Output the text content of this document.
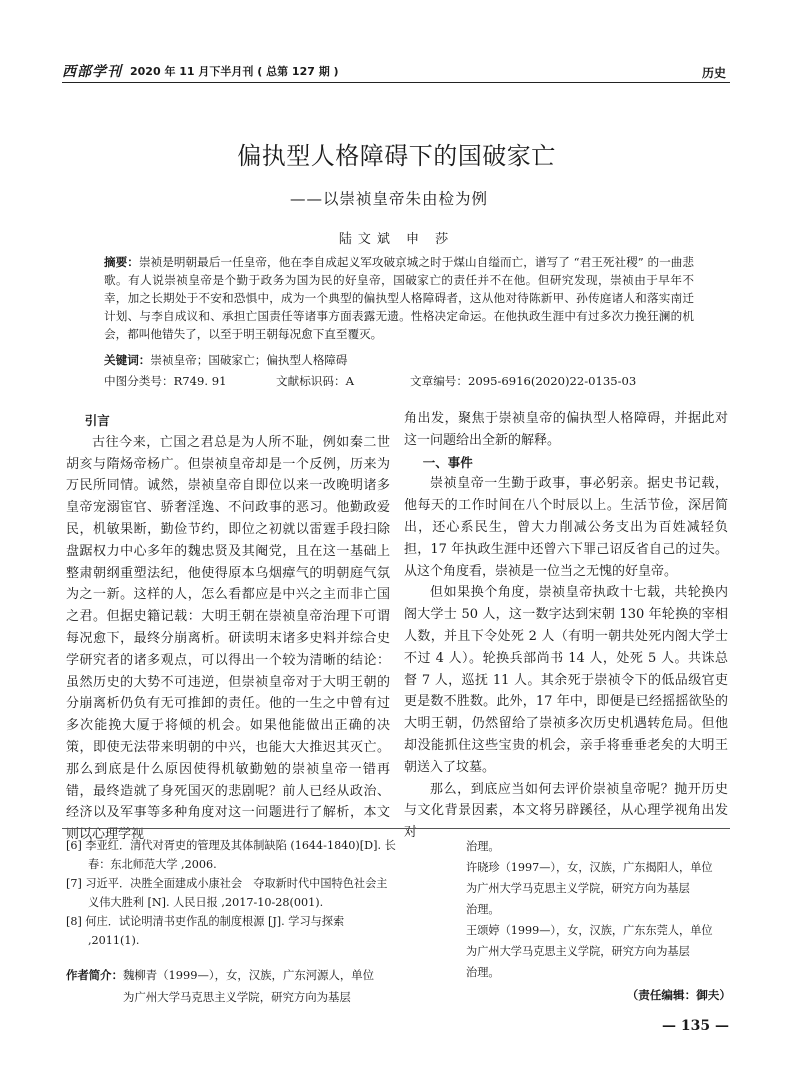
西部学刊 2020 年 11 月下半月刊 ( 总第 127 期 )	历史
偏执型人格障碍下的国破家亡
——以崇祯皇帝朱由检为例
陆文斌 申 莎
摘要：崇祯是明朝最后一任皇帝，他在李自成起义军攻破京城之时于煤山自缢而亡，谱写了 “君王死社稷” 的一曲悲歌。有人说崇祯皇帝是个勤于政务为国为民的好皇帝，国破家亡的责任并不在他。但研究发现，崇祯由于早年不幸，加之长期处于不安和恐惧中，成为一个典型的偏执型人格障碍者，这从他对待陈新甲、孙传庭诸人和落实南迁计划、与李自成议和、承担亡国责任等诸事方面表露无遗。性格决定命运。在他执政生涯中有过多次力挽狂澜的机会，都叫他错失了，以至于明王朝每况愈下直至覆灭。
关键词：崇祯皇帝；国破家亡；偏执型人格障碍
中图分类号：R749. 91	文献标识码：A	文章编号：2095-6916(2020)22-0135-03
引言

古往今来，亡国之君总是为人所不耻，例如秦二世胡亥与隋炀帝杨广。但崇祯皇帝却是一个反例，历来为万民所同情。诚然，崇祯皇帝自即位以来一改晚明诸多皇帝宠溺宦官、骄奢淫逸、不问政事的恶习。他勤政爱民，机敏果断，勤俭节约，即位之初就以雷霆手段扫除盘踞权力中心多年的魏忠贤及其阉党，且在这一基础上整肃朝纲重塑法纪，他使得原本乌烟瘴气的明朝庭气氛为之一新。这样的人，怎么看都应是中兴之主而非亡国之君。但据史籍记载：大明王朝在崇祯皇帝治理下可谓每况愈下，最终分崩离析。研读明末诸多史料并综合史学研究者的诸多观点，可以得出一个较为清晰的结论：虽然历史的大势不可违逆，但崇祯皇帝对于大明王朝的分崩离析仍负有无可推卸的责任。他的一生之中曾有过多次能挽大厦于将倾的机会。如果他能做出正确的决策，即使无法带来明朝的中兴，也能大大推迟其灭亡。那么到底是什么原因使得机敏勤勉的崇祯皇帝一错再错，最终造就了身死国灭的悲剧呢？前人已经从政治、经济以及军事等多种角度对这一问题进行了解析，本文则以心理学视

角出发，聚焦于崇祯皇帝的偏执型人格障碍，并据此对这一问题给出全新的解释。

一、事件

崇祯皇帝一生勤于政事，事必躬亲。据史书记载，他每天的工作时间在八个时辰以上。生活节俭，深居简出，还心系民生，曾大力削减公务支出为百姓减轻负担，17 年执政生涯中还曾六下罪己诏反省自己的过失。从这个角度看，崇祯是一位当之无愧的好皇帝。

但如果换个角度，崇祯皇帝执政十七载，共轮换内阁大学士 50 人，这一数字达到宋朝 130 年轮换的宰相人数，并且下令处死 2 人（有明一朝共处死内阁大学士不过 4 人）。轮换兵部尚书 14 人，处死 5 人。共诛总督 7 人，巡抚 11 人。其余死于崇祯令下的低品级官吏更是数不胜数。此外，17 年中，即便是已经摇摇欲坠的大明王朝，仍然留给了崇祯多次历史机遇转危局。但他却没能抓住这些宝贵的机会，亲手将垂垂老矣的大明王朝送入了坟墓。

那么，到底应当如何去评价崇祯皇帝呢？抛开历史与文化背景因素，本文将另辟蹊径，从心理学视角出发对

[6] 李亚红．清代对胥吏的管理及其体制缺陷 (1644-1840)[D]. 长春：东北师范大学 ,2006.
[7] 习近平．决胜全面建成小康社会　夺取新时代中国特色社会主义伟大胜利 [N]. 人民日报 ,2017-10-28(001).
[8] 何庄．试论明清书吏作乱的制度根源 [J]. 学习与探索 ,2011(1).
作者简介：魏柳青（1999—），女，汉族，广东河源人，单位
为广州大学马克思主义学院，研究方向为基层
治理。
许晓珍（1997—），女，汉族，广东揭阳人，单位
为广州大学马克思主义学院，研究方向为基层
治理。
王颂婷（1999—），女，汉族，广东东莞人，单位
为广州大学马克思主义学院，研究方向为基层
治理。
（责任编辑：御夫）
— 135 —
